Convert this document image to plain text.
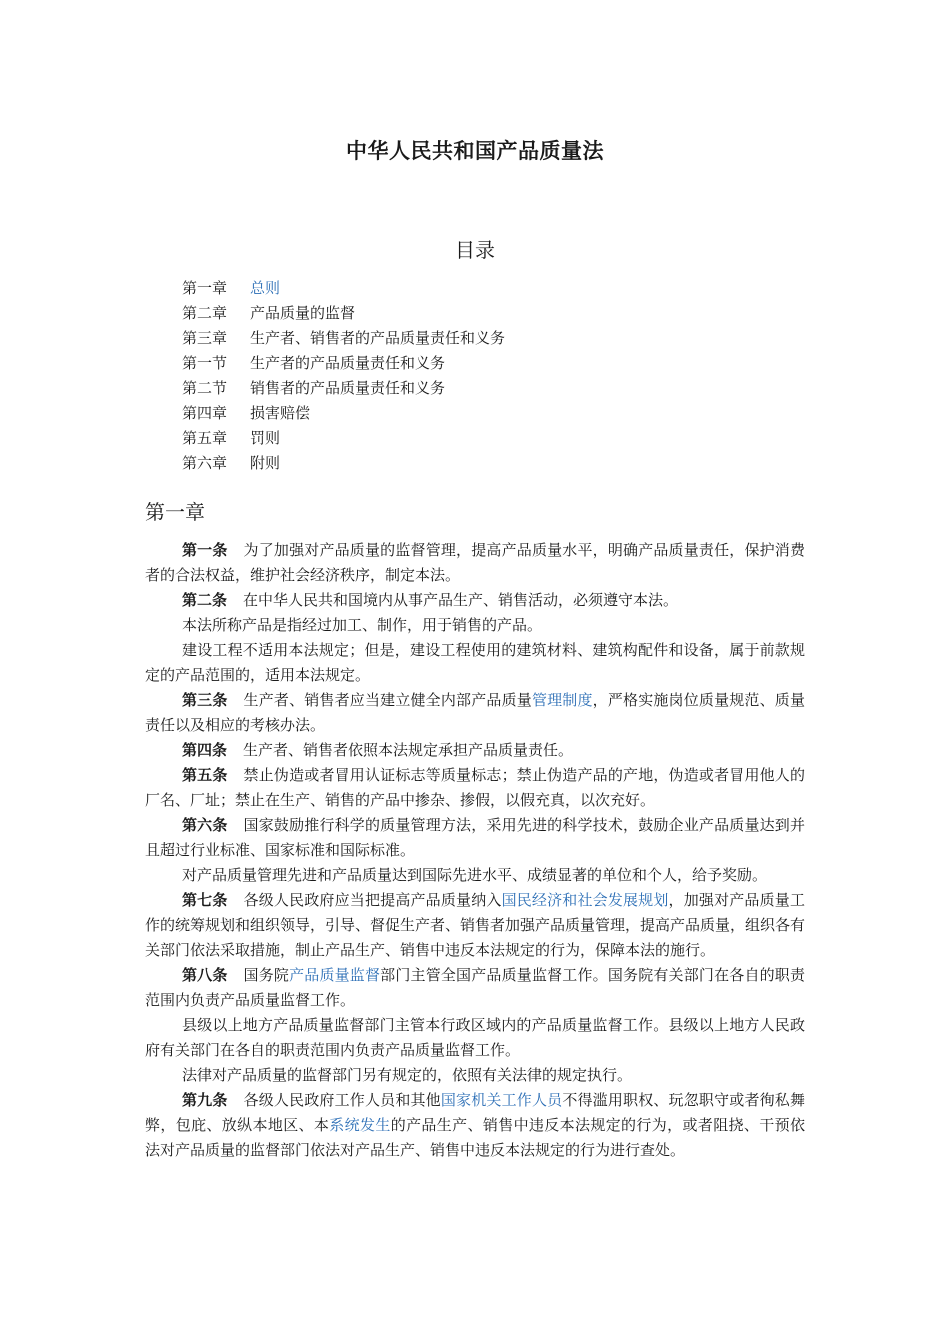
中华人民共和国产品质量法
目录
第一章 总则
第二章 产品质量的监督
第三章 生产者、销售者的产品质量责任和义务
第一节 生产者的产品质量责任和义务
第二节 销售者的产品质量责任和义务
第四章 损害赔偿
第五章 罚则
第六章 附则
第一章

第一条 为了加强对产品质量的监督管理，提高产品质量水平，明确产品质量责任，保护消费者的合法权益，维护社会经济秩序，制定本法。

第二条 在中华人民共和国境内从事产品生产、销售活动，必须遵守本法。

本法所称产品是指经过加工、制作，用于销售的产品。

建设工程不适用本法规定；但是，建设工程使用的建筑材料、建筑构配件和设备，属于前款规定的产品范围的，适用本法规定。

第三条 生产者、销售者应当建立健全内部产品质量管理制度，严格实施岗位质量规范、质量责任以及相应的考核办法。

第四条 生产者、销售者依照本法规定承担产品质量责任。

第五条 禁止伪造或者冒用认证标志等质量标志；禁止伪造产品的产地，伪造或者冒用他人的厂名、厂址；禁止在生产、销售的产品中掺杂、掺假，以假充真，以次充好。

第六条 国家鼓励推行科学的质量管理方法，采用先进的科学技术，鼓励企业产品质量达到并且超过行业标准、国家标准和国际标准。

对产品质量管理先进和产品质量达到国际先进水平、成绩显著的单位和个人，给予奖励。

第七条 各级人民政府应当把提高产品质量纳入国民经济和社会发展规划，加强对产品质量工作的统筹规划和组织领导，引导、督促生产者、销售者加强产品质量管理，提高产品质量，组织各有关部门依法采取措施，制止产品生产、销售中违反本法规定的行为，保障本法的施行。

第八条 国务院产品质量监督部门主管全国产品质量监督工作。国务院有关部门在各自的职责范围内负责产品质量监督工作。

县级以上地方产品质量监督部门主管本行政区域内的产品质量监督工作。县级以上地方人民政府有关部门在各自的职责范围内负责产品质量监督工作。

法律对产品质量的监督部门另有规定的，依照有关法律的规定执行。

第九条 各级人民政府工作人员和其他国家机关工作人员不得滥用职权、玩忽职守或者徇私舞弊，包庇、放纵本地区、本系统发生的产品生产、销售中违反本法规定的行为，或者阻挠、干预依法对产品质量的监督部门依法对产品生产、销售中违反本法规定的行为进行查处。
